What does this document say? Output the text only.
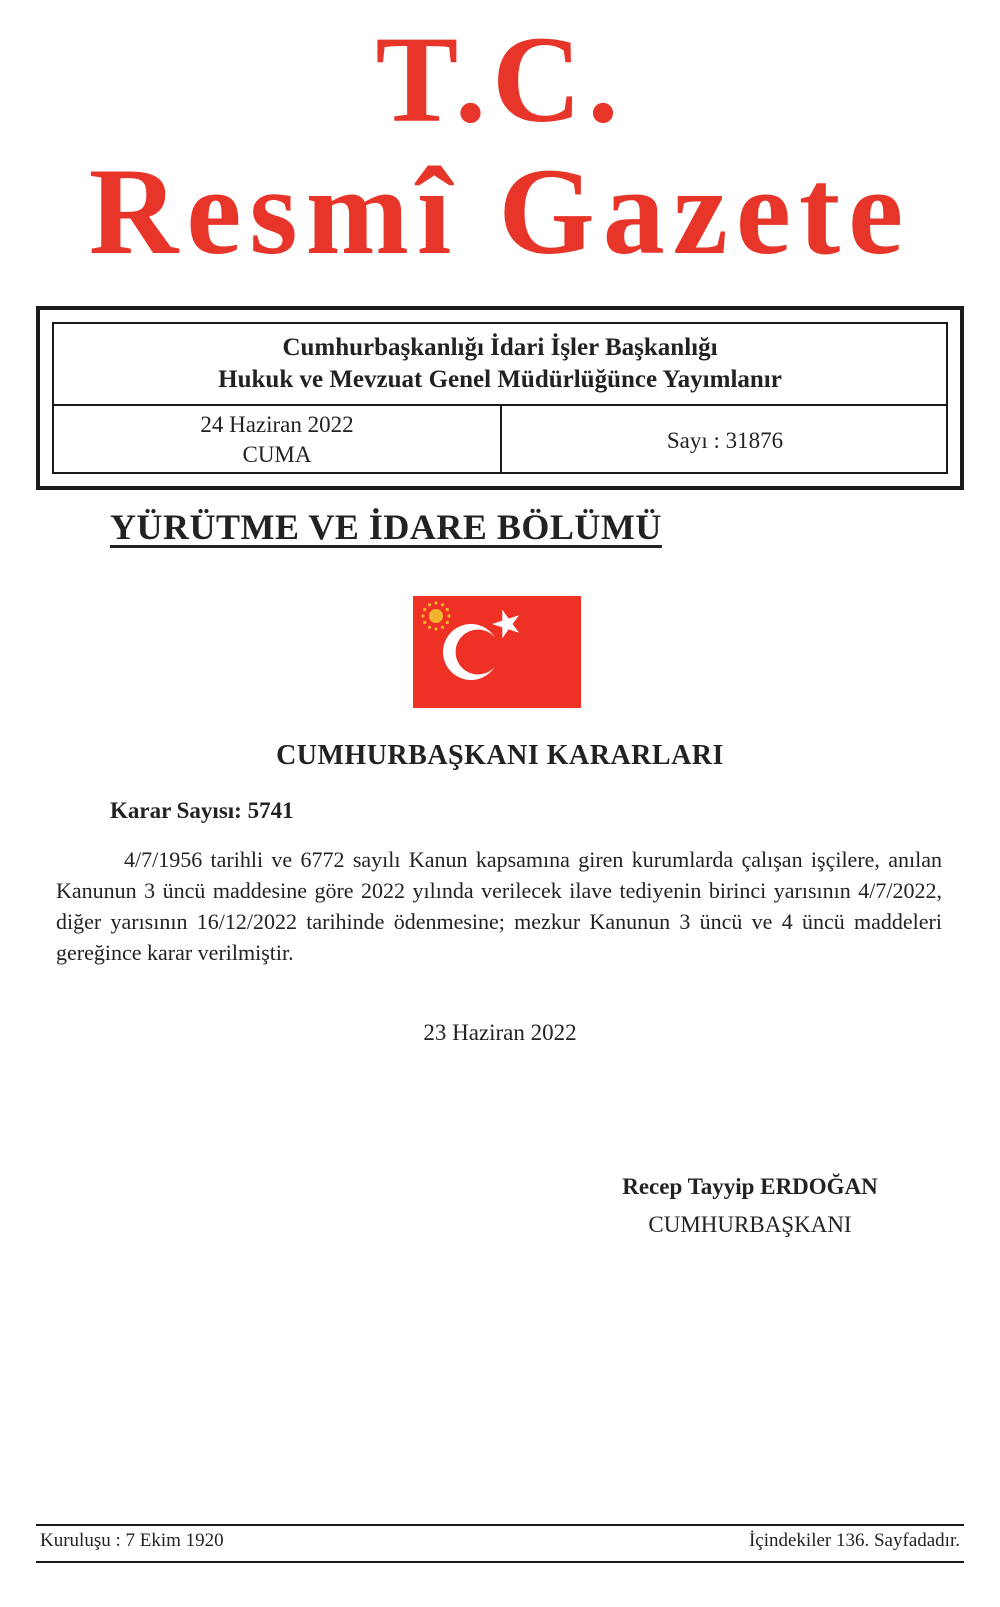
T.C.
Resmî Gazete
Cumhurbaşkanlığı İdari İşler Başkanlığı
Hukuk ve Mevzuat Genel Müdürlüğünce Yayımlanır
24 Haziran 2022
CUMA
Sayı : 31876
YÜRÜTME VE İDARE BÖLÜMÜ
CUMHURBAŞKANI KARARLARI
Karar Sayısı: 5741
4/7/1956 tarihli ve 6772 sayılı Kanun kapsamına giren kurumlarda çalışan işçilere, anılan Kanunun 3 üncü maddesine göre 2022 yılında verilecek ilave tediyenin birinci yarısının 4/7/2022, diğer yarısının 16/12/2022 tarihinde ödenmesine; mezkur Kanunun 3 üncü ve 4 üncü maddeleri gereğince karar verilmiştir.
23 Haziran 2022
Recep Tayyip ERDOĞAN
CUMHURBAŞKANI
Kuruluşu : 7 Ekim 1920	İçindekiler 136. Sayfadadır.
